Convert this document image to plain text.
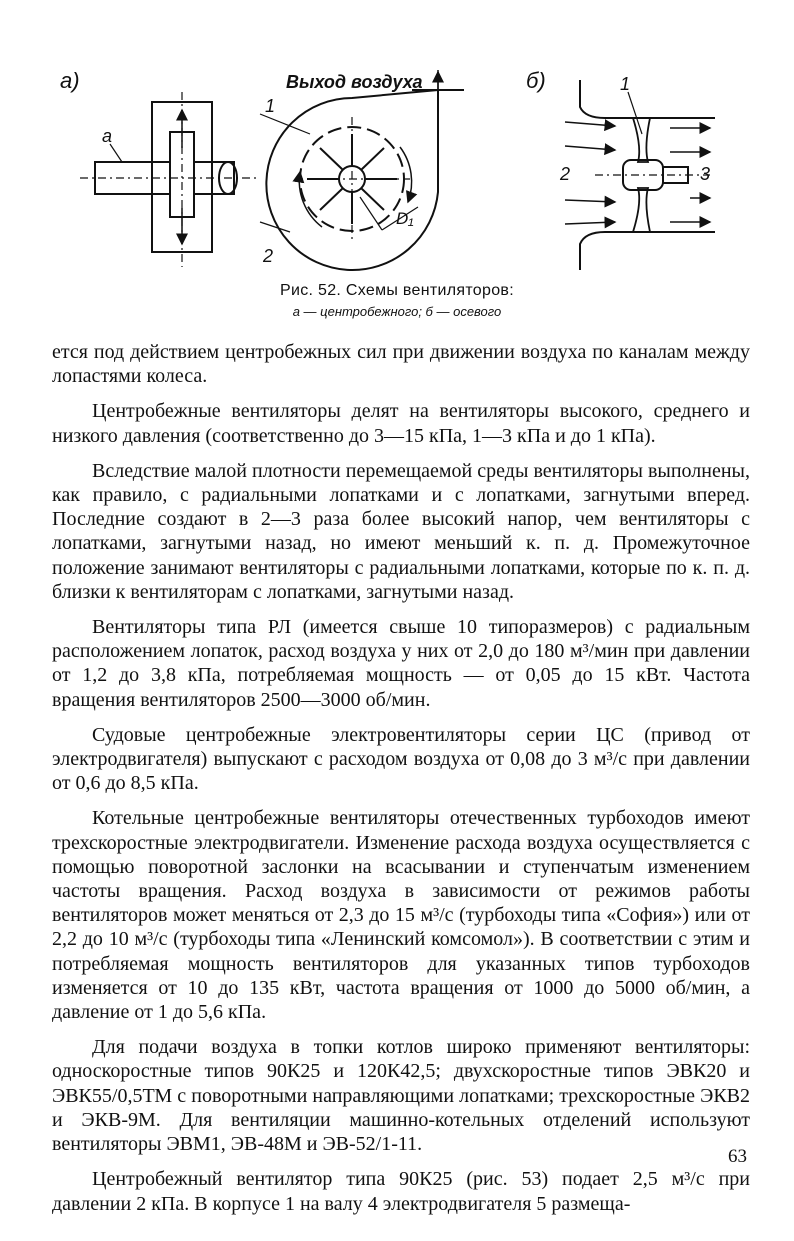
а)	Выход воздуха
а
1
2
D₁
б)	1
2	3
Рис. 52. Схемы вентиляторов:
а — центробежного; б — осевого

ется под действием центробежных сил при движении воздуха по каналам между лопастями колеса.

Центробежные вентиляторы делят на вентиляторы высокого, среднего и низкого давления (соответственно до 3—15 кПа, 1—3 кПа и до 1 кПа).

Вследствие малой плотности перемещаемой среды вентиляторы выполнены, как правило, с радиальными лопатками и с лопатками, загнутыми вперед. Последние создают в 2—3 раза более высокий напор, чем вентиляторы с лопатками, загнутыми назад, но имеют меньший к. п. д. Промежуточное положение занимают вентиляторы с радиальными лопатками, которые по к. п. д. близки к вентиляторам с лопатками, загнутыми назад.

Вентиляторы типа РЛ (имеется свыше 10 типоразмеров) с радиальным расположением лопаток, расход воздуха у них от 2,0 до 180 м³/мин при давлении от 1,2 до 3,8 кПа, потребляемая мощность — от 0,05 до 15 кВт. Частота вращения вентиляторов 2500—3000 об/мин.

Судовые центробежные электровентиляторы серии ЦС (привод от электродвигателя) выпускают с расходом воздуха от 0,08 до 3 м³/с при давлении от 0,6 до 8,5 кПа.

Котельные центробежные вентиляторы отечественных турбоходов имеют трехскоростные электродвигатели. Изменение расхода воздуха осуществляется с помощью поворотной заслонки на всасывании и ступенчатым изменением частоты вращения. Расход воздуха в зависимости от режимов работы вентиляторов может меняться от 2,3 до 15 м³/с (турбоходы типа «София») или от 2,2 до 10 м³/с (турбоходы типа «Ленинский комсомол»). В соответствии с этим и потребляемая мощность вентиляторов для указанных типов турбоходов изменяется от 10 до 135 кВт, частота вращения от 1000 до 5000 об/мин, а давление от 1 до 5,6 кПа.

Для подачи воздуха в топки котлов широко применяют вентиляторы: односкоростные типов 90К25 и 120К42,5; двухскоростные типов ЭВК20 и ЭВК55/0,5ТМ с поворотными направляющими лопатками; трехскоростные ЭКВ2 и ЭКВ-9М. Для вентиляции машинно-котельных отделений используют вентиляторы ЭВМ1, ЭВ-48М и ЭВ-52/1-11.

Центробежный вентилятор типа 90К25 (рис. 53) подает 2,5 м³/с при давлении 2 кПа. В корпусе 1 на валу 4 электродвигателя 5 размеща-

63
